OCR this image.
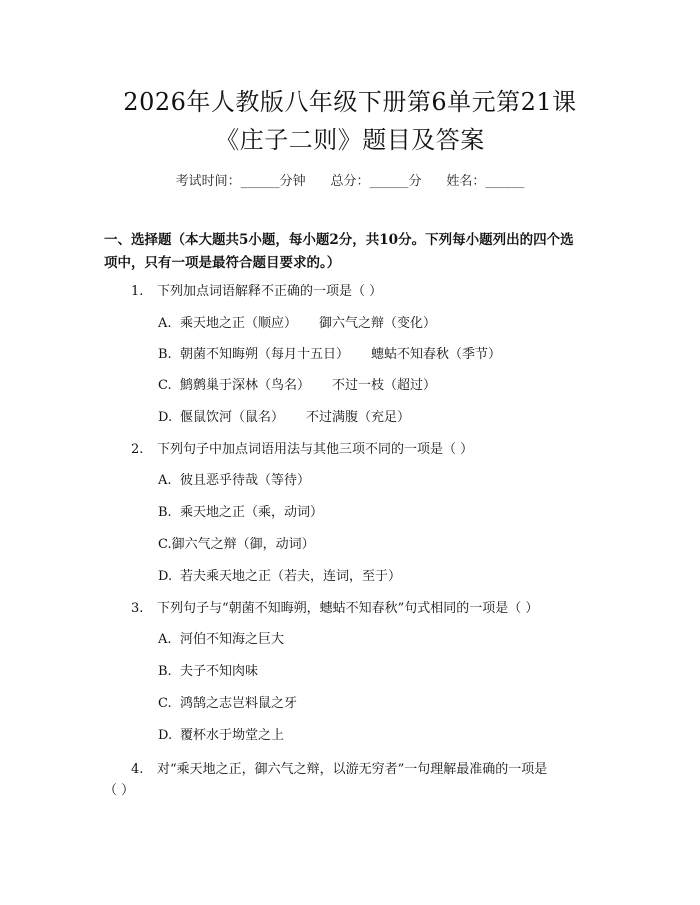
2026年人教版八年级下册第6单元第21课
《庄子二则》题目及答案
考试时间：______分钟 总分：______分 姓名：______
一、选择题（本大题共5小题，每小题2分，共10分。下列每小题列出的四个选
项中，只有一项是最符合题目要求的。）
1. 下列加点词语解释不正确的一项是（ ）
A. 乘天地之正（顺应） 御六气之辩（变化）
B. 朝菌不知晦朔（每月十五日） 蟪蛄不知春秋（季节）
C. 鹪鹩巢于深林（鸟名） 不过一枝（超过）
D. 偃鼠饮河（鼠名） 不过满腹（充足）
2. 下列句子中加点词语用法与其他三项不同的一项是（ ）
A. 彼且恶乎待哉（等待）
B. 乘天地之正（乘，动词）
C.御六气之辩（御，动词）
D. 若夫乘天地之正（若夫，连词，至于）
3. 下列句子与“朝菌不知晦朔，蟪蛄不知春秋”句式相同的一项是（ ）
A. 河伯不知海之巨大
B. 夫子不知肉味
C. 鸿鹄之志岂料鼠之牙
D. 覆杯水于坳堂之上
4. 对“乘天地之正，御六气之辩，以游无穷者”一句理解最准确的一项是
（ ）
